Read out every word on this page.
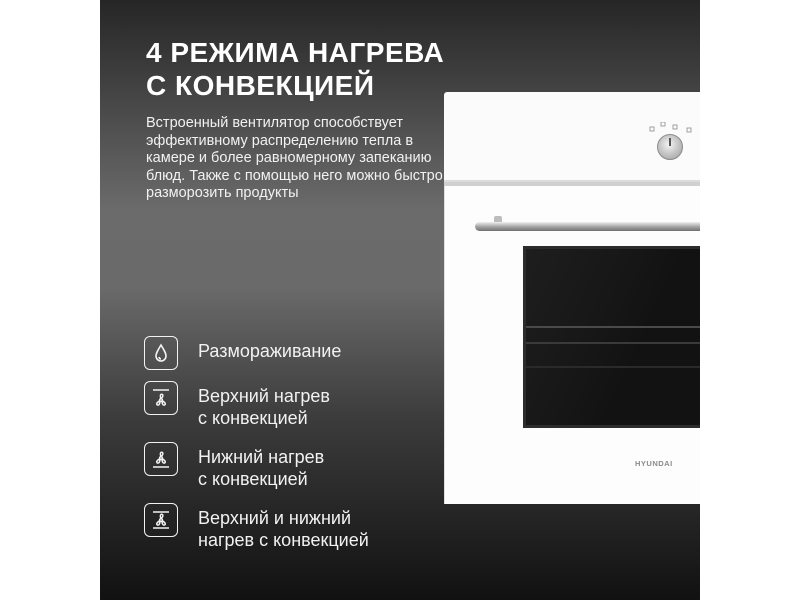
4 РЕЖИМА НАГРЕВА
С КОНВЕКЦИЕЙ

Встроенный вентилятор способствует эффективному распределению тепла в камере и более равномерному запеканию блюд. Также с помощью него можно быстро разморозить продукты

Размораживание
Верхний нагрев
с конвекцией
Нижний нагрев
с конвекцией
Верхний и нижний
нагрев с конвекцией
HYUNDAI
